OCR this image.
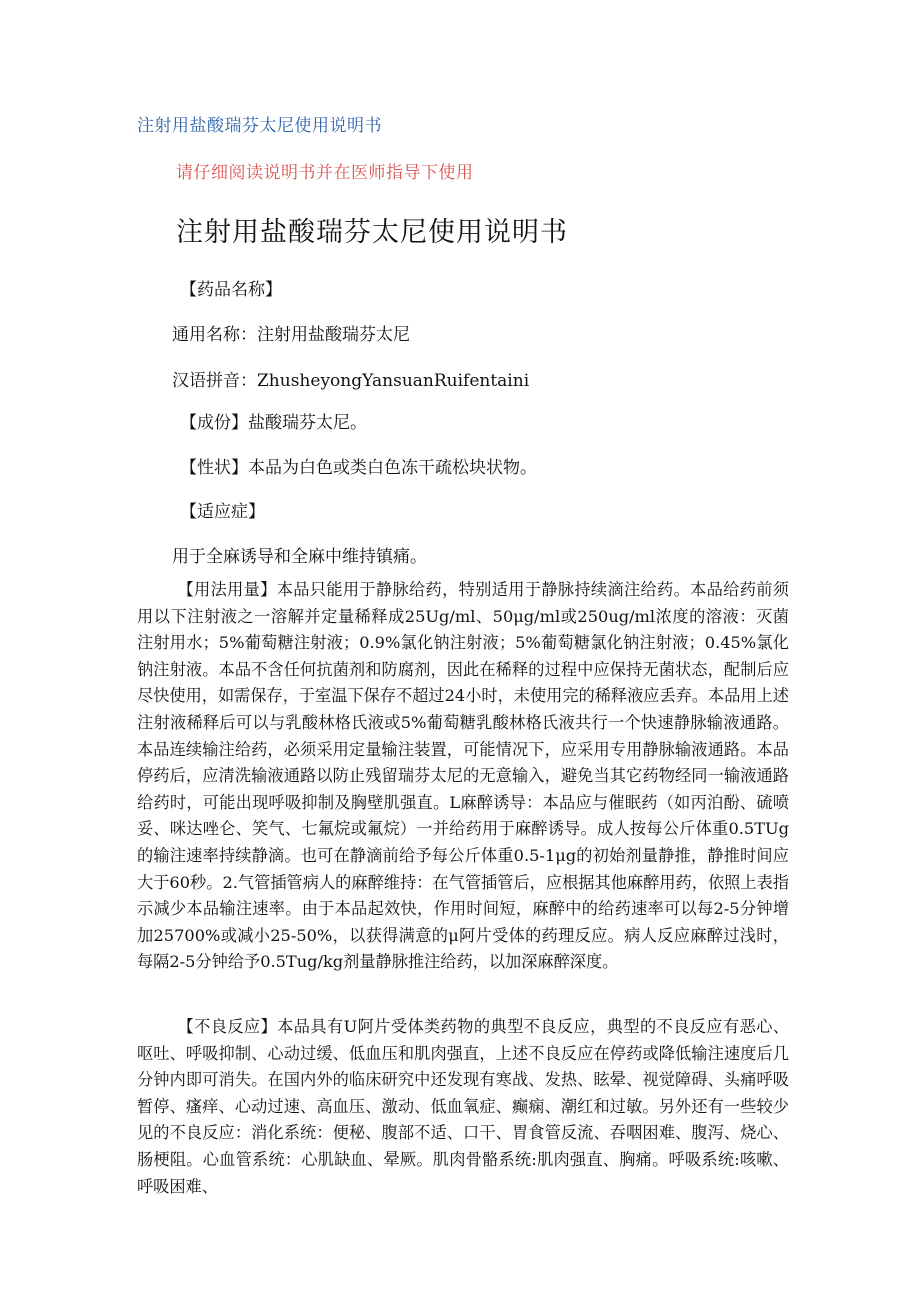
注射用盐酸瑞芬太尼使用说明书
请仔细阅读说明书并在医师指导下使用
注射用盐酸瑞芬太尼使用说明书
【药品名称】
通用名称：注射用盐酸瑞芬太尼
汉语拼音：ZhusheyongYansuanRuifentaini
【成份】盐酸瑞芬太尼。
【性状】本品为白色或类白色冻干疏松块状物。
【适应症】
用于全麻诱导和全麻中维持镇痛。
【用法用量】本品只能用于静脉给药，特别适用于静脉持续滴注给药。本品给药前须用以下注射液之一溶解并定量稀释成25Ug/ml、50μg/ml或250ug/ml浓度的溶液：灭菌注射用水；5%葡萄糖注射液；0.9%氯化钠注射液；5%葡萄糖氯化钠注射液；0.45%氯化钠注射液。本品不含任何抗菌剂和防腐剂，因此在稀释的过程中应保持无菌状态，配制后应尽快使用，如需保存，于室温下保存不超过24小时，未使用完的稀释液应丢弃。本品用上述注射液稀释后可以与乳酸林格氏液或5%葡萄糖乳酸林格氏液共行一个快速静脉输液通路。本品连续输注给药，必须采用定量输注装置，可能情况下，应采用专用静脉输液通路。本品停药后，应清洗输液通路以防止残留瑞芬太尼的无意输入，避免当其它药物经同一输液通路给药时，可能出现呼吸抑制及胸壁肌强直。L麻醉诱导：本品应与催眠药（如丙泊酚、硫喷妥、咪达唑仑、笑气、七氟烷或氟烷）一并给药用于麻醉诱导。成人按每公斤体重0.5TUg的输注速率持续静滴。也可在静滴前给予每公斤体重0.5-1μg的初始剂量静推，静推时间应大于60秒。2.气管插管病人的麻醉维持：在气管插管后，应根据其他麻醉用药，依照上表指示减少本品输注速率。由于本品起效快，作用时间短，麻醉中的给药速率可以每2-5分钟增加25700%或减小25-50%，以获得满意的μ阿片受体的药理反应。病人反应麻醉过浅时，每隔2-5分钟给予0.5Tug/kg剂量静脉推注给药，以加深麻醉深度。
【不良反应】本品具有U阿片受体类药物的典型不良反应，典型的不良反应有恶心、呕吐、呼吸抑制、心动过缓、低血压和肌肉强直，上述不良反应在停药或降低输注速度后几分钟内即可消失。在国内外的临床研究中还发现有寒战、发热、眩晕、视觉障碍、头痛呼吸暂停、瘙痒、心动过速、高血压、激动、低血氧症、癫痫、潮红和过敏。另外还有一些较少见的不良反应：消化系统：便秘、腹部不适、口干、胃食管反流、吞咽困难、腹泻、烧心、肠梗阻。心血管系统：心肌缺血、晕厥。肌肉骨骼系统:肌肉强直、胸痛。呼吸系统:咳嗽、呼吸困难、
